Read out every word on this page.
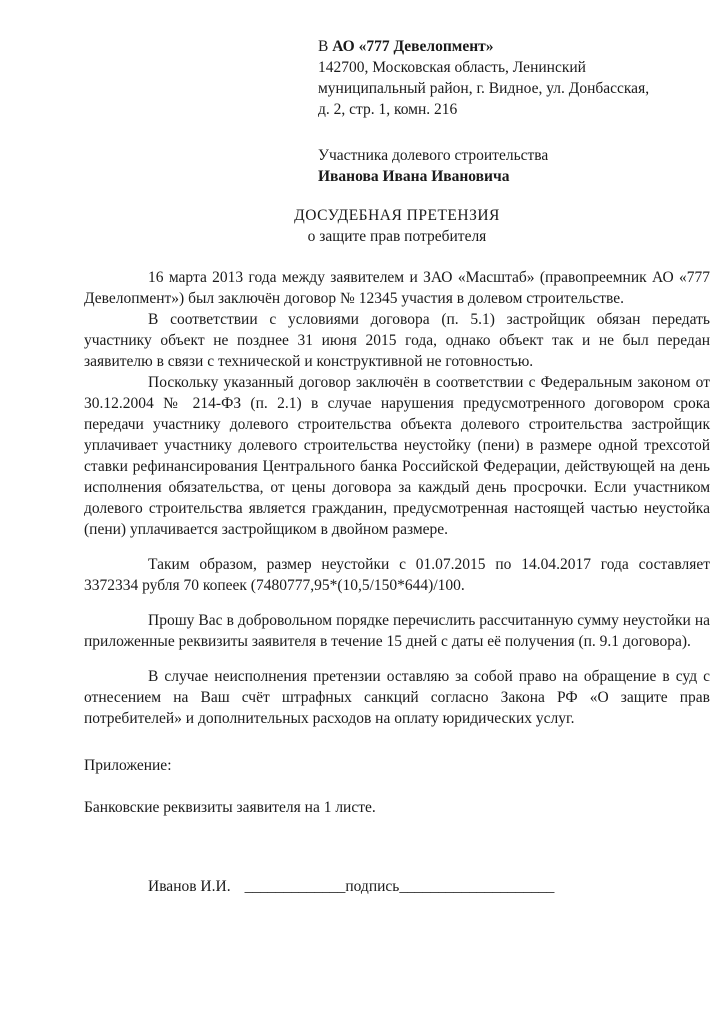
В АО «777 Девелопмент»
142700, Московская область, Ленинский
муниципальный район, г. Видное, ул. Донбасская,
д. 2, стр. 1, комн. 216
Участника долевого строительства
Иванова Ивана Ивановича
ДОСУДЕБНАЯ ПРЕТЕНЗИЯ
о защите прав потребителя

16 марта 2013 года между заявителем и ЗАО «Масштаб» (правопреемник АО «777 Девелопмент») был заключён договор № 12345 участия в долевом строительстве.

В соответствии с условиями договора (п. 5.1) застройщик обязан передать участнику объект не позднее 31 июня 2015 года, однако объект так и не был передан заявителю в связи с технической и конструктивной не готовностью.

Поскольку указанный договор заключён в соответствии с Федеральным законом от 30.12.2004 № 214-ФЗ (п. 2.1) в случае нарушения предусмотренного договором срока передачи участнику долевого строительства объекта долевого строительства застройщик уплачивает участнику долевого строительства неустойку (пени) в размере одной трехсотой ставки рефинансирования Центрального банка Российской Федерации, действующей на день исполнения обязательства, от цены договора за каждый день просрочки. Если участником долевого строительства является гражданин, предусмотренная настоящей частью неустойка (пени) уплачивается застройщиком в двойном размере.

Таким образом, размер неустойки с 01.07.2015 по 14.04.2017 года составляет 3372334 рубля 70 копеек (7480777,95*(10,5/150*644)/100.

Прошу Вас в добровольном порядке перечислить рассчитанную сумму неустойки на приложенные реквизиты заявителя в течение 15 дней с даты её получения (п. 9.1 договора).

В случае неисполнения претензии оставляю за собой право на обращение в суд с отнесением на Ваш счёт штрафных санкций согласно Закона РФ «О защите прав потребителей» и дополнительных расходов на оплату юридических услуг.

Приложение:
Банковские реквизиты заявителя на 1 листе.
Иванов И.И. _____________подпись____________________
